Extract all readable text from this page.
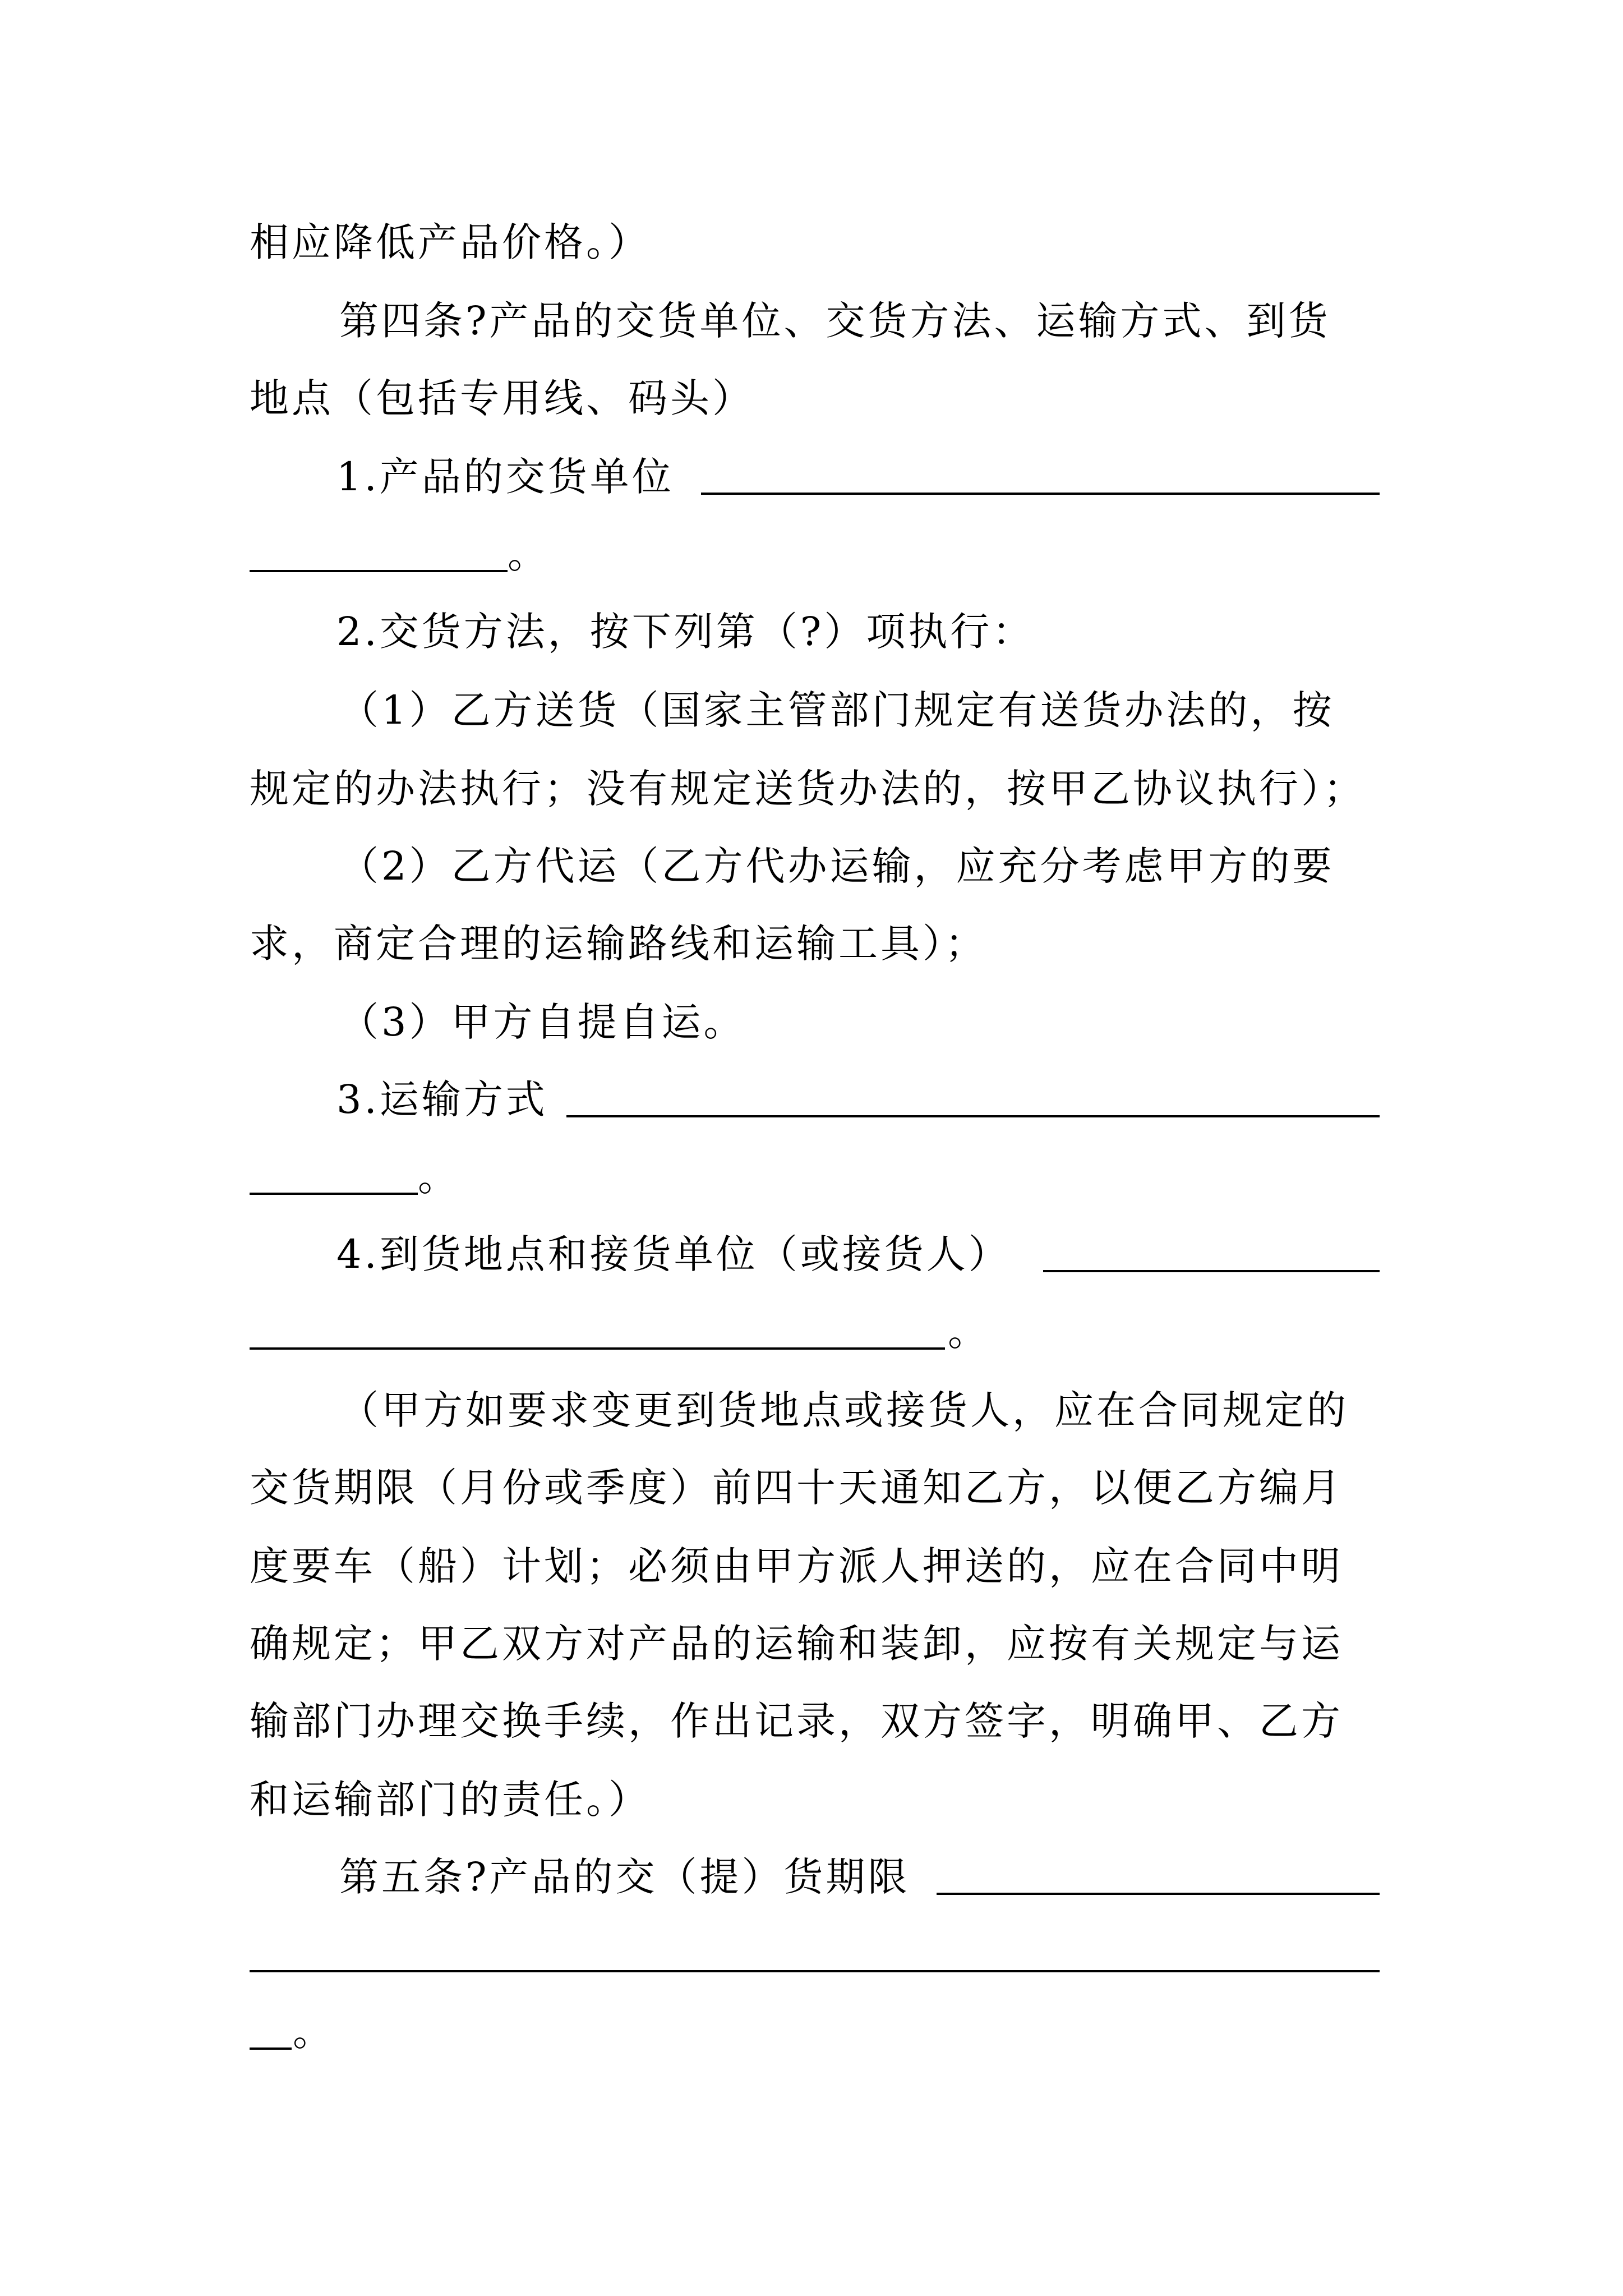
相应降低产品价格。）
第四条?产品的交货单位、交货方法、运输方式、到货
地点（包括专用线、码头）
1.产品的交货单位
。
2.交货方法，按下列第（?）项执行：
（1）乙方送货（国家主管部门规定有送货办法的，按
规定的办法执行；没有规定送货办法的，按甲乙协议执行）；
（2）乙方代运（乙方代办运输，应充分考虑甲方的要
求，商定合理的运输路线和运输工具）；
（3）甲方自提自运。
3.运输方式
。
4.到货地点和接货单位（或接货人）
。
（甲方如要求变更到货地点或接货人，应在合同规定的
交货期限（月份或季度）前四十天通知乙方，以便乙方编月
度要车（船）计划；必须由甲方派人押送的，应在合同中明
确规定；甲乙双方对产品的运输和装卸，应按有关规定与运
输部门办理交换手续，作出记录，双方签字，明确甲、乙方
和运输部门的责任。）
第五条?产品的交（提）货期限
。
